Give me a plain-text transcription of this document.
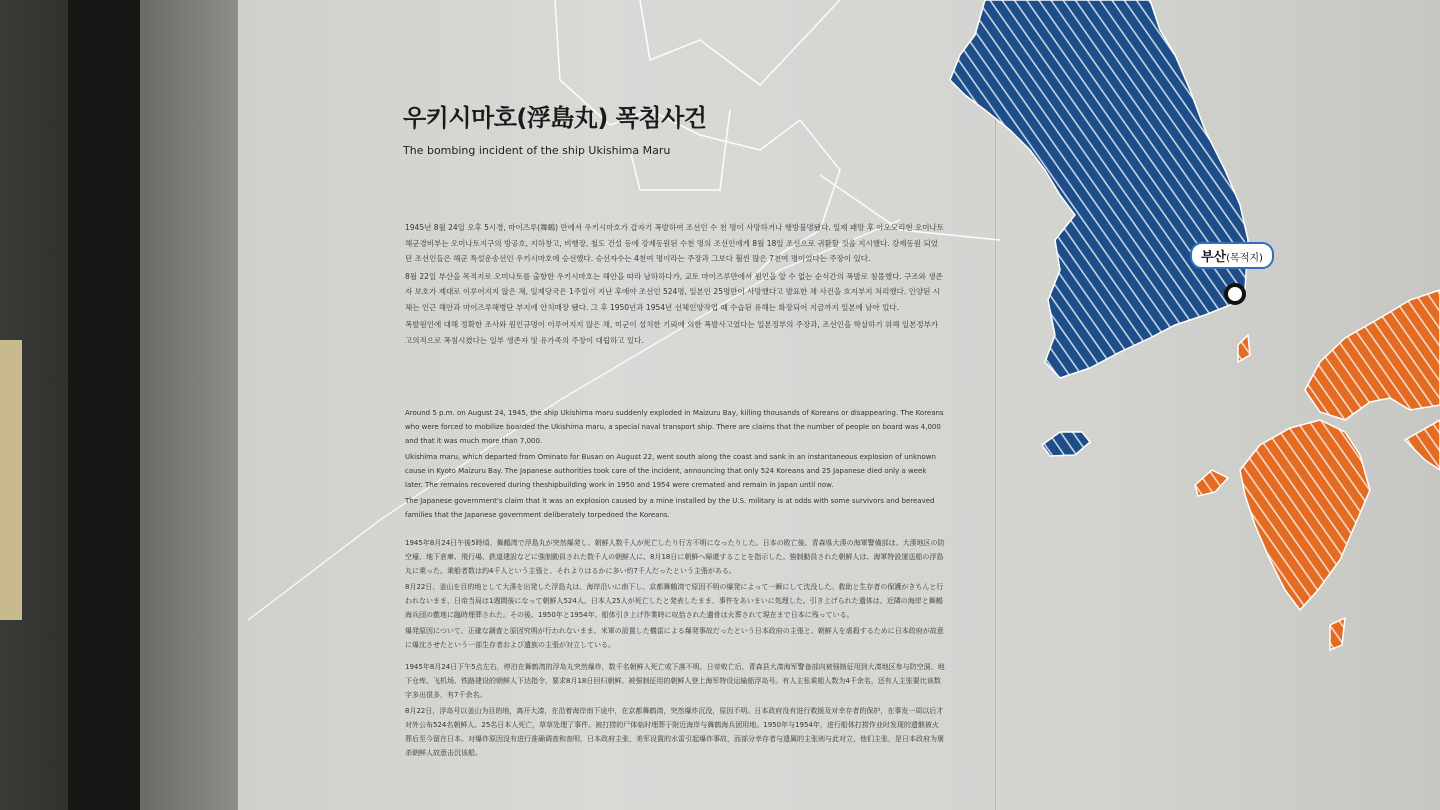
우키시마호(浮島丸) 폭침사건
The bombing incident of the ship Ukishima Maru

1945년 8월 24일 오후 5시경, 마이즈루(舞鶴) 만에서 우키시마호가 갑자기 폭발하여 조선인 수 천 명이 사망하거나 행방불명됐다. 일제 패망 후 아오모리현 오미나토 해군경비부는 오미나토지구의 방공호, 지하창고, 비행장, 철도 건설 등에 강제동원된 수천 명의 조선인에게 8월 18일 조선으로 귀환할 것을 지시했다. 강제동원 되었던 조선인들은 해군 특설운송선인 우키시마호에 승선했다. 승선자수는 4천여 명이라는 주장과 그보다 훨씬 많은 7천여 명이었다는 주장이 있다.

8월 22일 부산을 목적지로 오미나토를 출항한 우키시마호는 해안을 따라 남하하다가, 교토 마이즈루만에서 원인을 알 수 없는 순식간의 폭발로 침몰했다. 구조와 생존자 보호가 제대로 이루어지지 않은 채, 일제당국은 1주일이 지난 후에야 조선인 524명, 일본인 25명만이 사망했다고 발표한 채 사건을 흐지부지 처리했다. 인양된 시체는 인근 해안과 마이즈루해병단 부지에 안치매장 됐다. 그 후 1950년과 1954년 선체인양작업 때 수습된 유해는 화장되어 지금까지 일본에 남아 있다.

폭발원인에 대해 정확한 조사와 원인규명이 이루어지지 않은 채, 미군이 설치한 기뢰에 의한 폭발사고였다는 일본정부의 주장과, 조선인을 학살하기 위해 일본정부가 고의적으로 폭침시켰다는 일부 생존자 및 유가족의 주장이 대립하고 있다.

Around 5 p.m. on August 24, 1945, the ship Ukishima maru suddenly exploded in Maizuru Bay, killing thousands of Koreans or disappearing. The Koreans who were forced to mobilize boarded the Ukishima maru, a special naval transport ship. There are claims that the number of people on board was 4,000 and that it was much more than 7,000.

Ukishima maru, which departed from Ominato for Busan on August 22, went south along the coast and sank in an instantaneous explosion of unknown cause in Kyoto Maizuru Bay. The Japanese authorities took care of the incident, announcing that only 524 Koreans and 25 Japanese died only a week later. The remains recovered during theshipbuilding work in 1950 and 1954 were cremated and remain in Japan until now.

The Japanese government's claim that it was an explosion caused by a mine installed by the U.S. military is at odds with some survivors and bereaved families that the Japanese government deliberately torpedoed the Koreans.

1945年8月24日午後5時頃、舞鶴湾で浮島丸が突然爆発し、朝鮮人数千人が死亡したり行方不明になったりした。日本の敗亡後、青森県大湊の海軍警備部は、大湊地区の防空壕、地下倉庫、飛行場、鉄道建設などに強制動員された数千人の朝鮮人に、8月18日に朝鮮へ帰還することを指示した。強制動員された朝鮮人は、海軍特設運送船の浮島丸に乗った。乗船者数は約4千人という主張と、それよりはるかに多い約7千人だったという主張がある。

8月22日、釜山を目的地として大湊を出発した浮島丸は、海岸沿いに南下し、京都舞鶴湾で原因不明の爆発によって一瞬にして沈没した。救助と生存者の保護がきちんと行われないまま、日帝当局は1週間後になって朝鮮人524人、日本人25人が死亡したと発表したまま、事件をあいまいに処理した。引き上げられた遺体は、近隣の海岸と舞鶴海兵団の敷地に臨時埋葬された。その後、1950年と1954年、船体引き上げ作業時に収拾された遺骨は火葬されて現在まで日本に残っている。

爆発原因について、正確な調査と原因究明が行われないまま、米軍の設置した機雷による爆発事故だったという日本政府の主張と、朝鮮人を虐殺するために日本政府が故意に爆沈させたという一部生存者および遺族の主張が対立している。

1945年8月24日下午5点左右，停泊在舞鹤湾的浮岛丸突然爆炸，数千名朝鲜人死亡或下落不明。日帝败亡后，青森县大凑海军警备部向被强制征用到大凑地区参与防空洞、地下仓库、飞机场、铁路建设的朝鲜人下达指令，要求8月18日回归朝鲜。被强制征用的朝鲜人登上海军特设运输船浮岛号。有人主张乘船人数为4千余名，还有人主张要比该数字多出很多，有7千余名。

8月22日，浮岛号以釜山为目的地，离开大凑，在沿着海岸南下途中，在京都舞鹤湾，突然爆炸沉没，原因不明。日本政府没有进行救援及对幸存者的保护，在事发一周以后才对外公布524名朝鲜人、25名日本人死亡，草草处理了事件。被打捞的尸体临时埋葬于附近海岸与舞鹤海兵团用地。1950年与1954年，进行船体打捞作业时发现的遗骸被火葬后至今留在日本。对爆炸原因没有进行准确调查和查明，日本政府主张，美军设置的水雷引起爆炸事故，而部分幸存者与遗属的主张则与此对立，他们主张，是日本政府为屠杀朝鲜人故意击沉该船。

부산(목적지)
